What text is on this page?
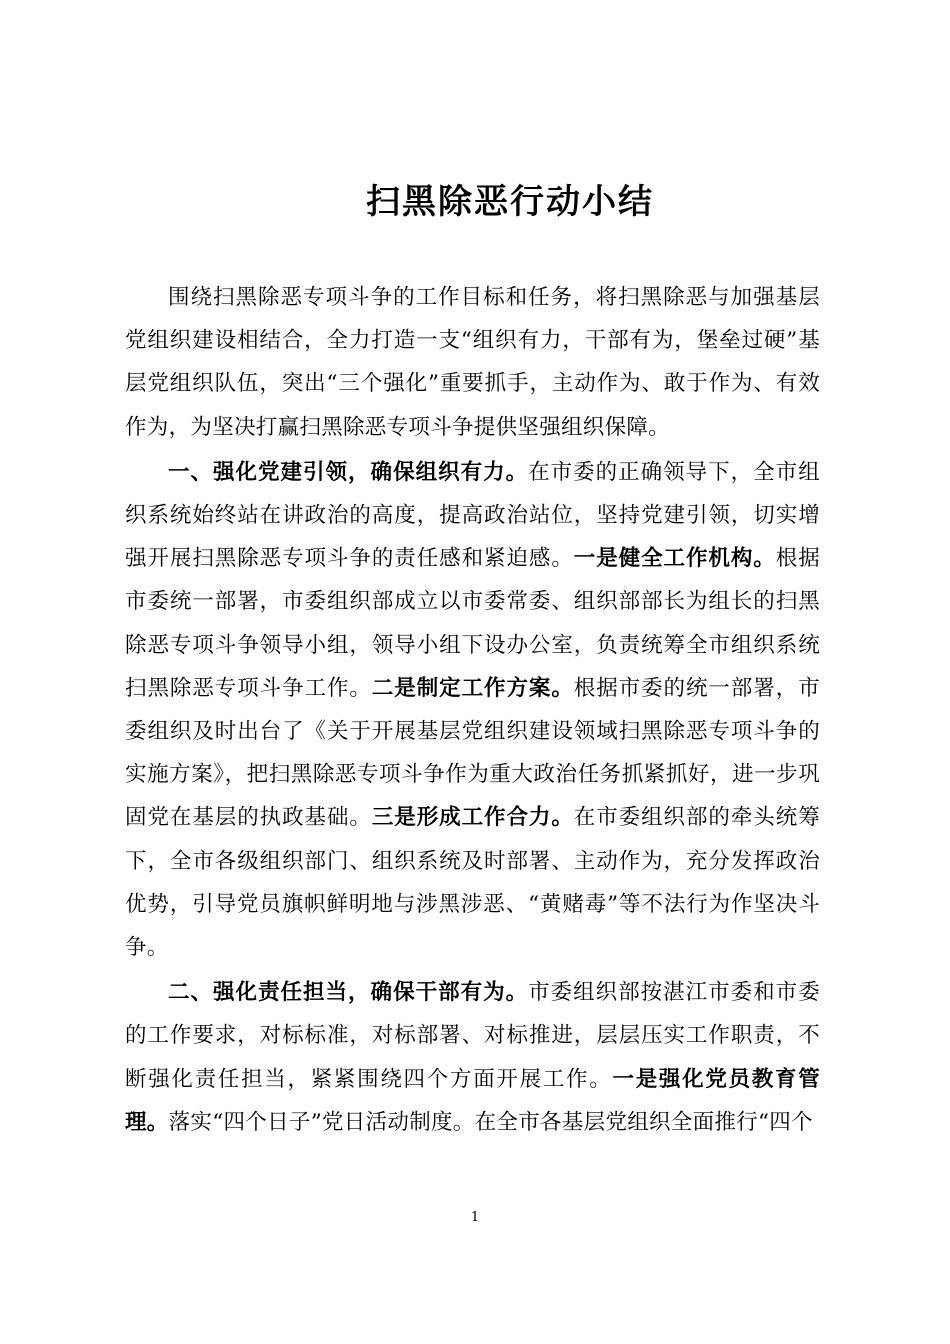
扫黑除恶行动小结

围绕扫黑除恶专项斗争的工作目标和任务，将扫黑除恶与加强基层党组织建设相结合，全力打造一支“组织有力，干部有为，堡垒过硬”基层党组织队伍，突出“三个强化”重要抓手，主动作为、敢于作为、有效作为，为坚决打赢扫黑除恶专项斗争提供坚强组织保障。

一、强化党建引领，确保组织有力。在市委的正确领导下，全市组织系统始终站在讲政治的高度，提高政治站位，坚持党建引领，切实增强开展扫黑除恶专项斗争的责任感和紧迫感。一是健全工作机构。根据市委统一部署，市委组织部成立以市委常委、组织部部长为组长的扫黑除恶专项斗争领导小组，领导小组下设办公室，负责统筹全市组织系统扫黑除恶专项斗争工作。二是制定工作方案。根据市委的统一部署，市委组织及时出台了《关于开展基层党组织建设领域扫黑除恶专项斗争的实施方案》，把扫黑除恶专项斗争作为重大政治任务抓紧抓好，进一步巩固党在基层的执政基础。三是形成工作合力。在市委组织部的牵头统筹下，全市各级组织部门、组织系统及时部署、主动作为，充分发挥政治优势，引导党员旗帜鲜明地与涉黑涉恶、“黄赌毒”等不法行为作坚决斗争。

二、强化责任担当，确保干部有为。市委组织部按湛江市委和市委的工作要求，对标标准，对标部署、对标推进，层层压实工作职责，不断强化责任担当，紧紧围绕四个方面开展工作。一是强化党员教育管理。落实“四个日子”党日活动制度。在全市各基层党组织全面推行“四个

1
